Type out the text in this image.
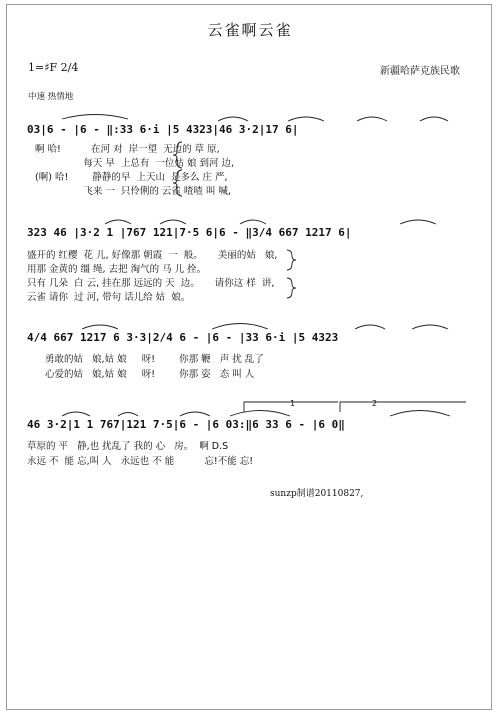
云雀啊云雀
1=♯F 2/4	新疆哈萨克族民歌
中速 热情地
03|6 - |6 - ‖:33 6·i |5 4323|46 3·2|17 6|
啊 哈!          在河 对  岸一望  无边的 草 原,
每天 早  上总有  一位姑 娘 到河 边,
(啊) 哈!        静静的早  上天山  是多么 庄 严,
飞来 一  只伶俐的 云雀 喳喳 叫 喊,
323 46 |3·2 1 |767 121|7·5 6|6 - ‖3/4 667 1217 6|
盛开的 红樱  花 儿, 好像那 朝霞  一  般。     美丽的姑   娘,
用那 金黄的 缰 绳, 去把 淘气的 马 儿 拴。
只有 几朵  白 云, 挂在那 远远的 天  边。     请你这 样  讲,
云雀 请你  过 河, 带句 话儿给 姑  娘。
4/4 667 1217 6 3·3|2/4 6 - |6 - |33 6·i |5 4323
勇敢的姑   娘,姑 娘     呀!        你那 鞭   声 扰 乱了
心爱的姑   娘,姑 娘     呀!        你那 姿   态 叫 人
46 3·2|1 1 767|121 7·5|6 - |6 03:‖6 33 6 - |6 0‖
草原的 平   静,也 扰乱了 我的 心   房。  啊 D.S
永远 不  能 忘,叫 人   永远也 不 能          忘!不能 忘!
1	2
sunzp制谱20110827,
